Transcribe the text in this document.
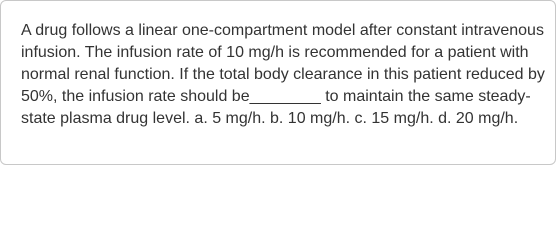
A drug follows a linear one-compartment model after constant intravenous infusion. The infusion rate of 10 mg/h is recommended for a patient with normal renal function. If the total body clearance in this patient reduced by 50%, the infusion rate should be________ to maintain the same steady-state plasma drug level. a. 5 mg/h. b. 10 mg/h. c. 15 mg/h. d. 20 mg/h.
